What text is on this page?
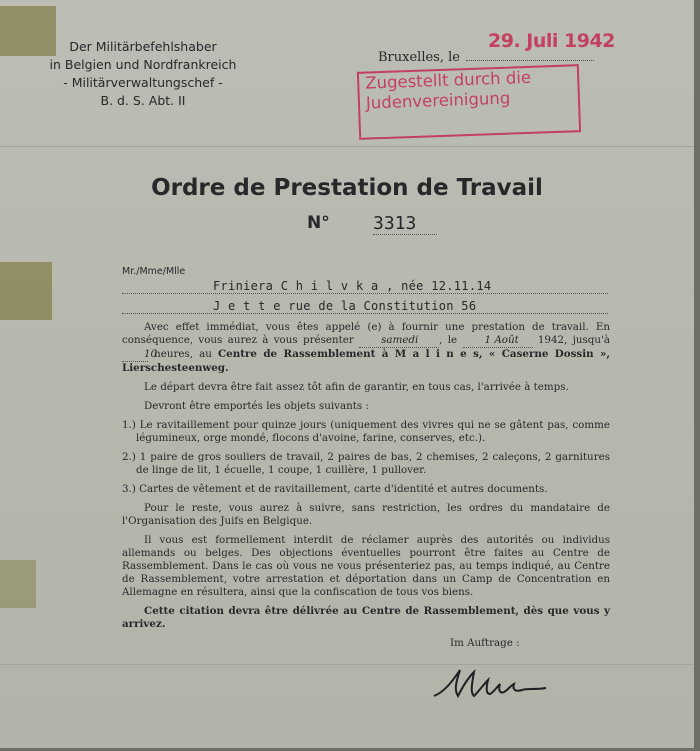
Der Militärbefehlshaber
in Belgien und Nordfrankreich
- Militärverwaltungschef -
B. d. S. Abt. II
Bruxelles, le
29. Juli 1942
Zugestellt durch die
Judenvereinigung
Ordre de Prestation de Travail
N° 3313
Mr./Mme/Mlle
Friniera C h i l v k a , née 12.11.14
J e t t e rue de la Constitution 56

Avec effet immédiat, vous êtes appelé (e) à fournir une prestation de travail. En conséquence, vous aurez à vous présenter	samedi , le	1 Août 1942, jusqu'à 10 heures, au Centre de Rassemblement à M a l i n e s, « Caserne Dossin », Lierschesteenweg.

Le départ devra être fait assez tôt afin de garantir, en tous cas, l'arrivée à temps.

Devront être emportés les objets suivants :

1.) Le ravitaillement pour quinze jours (uniquement des vivres qui ne se gâtent pas, comme légumineux, orge mondé, flocons d'avoine, farine, conserves, etc.).

2.) 1 paire de gros souliers de travail, 2 paires de bas, 2 chemises, 2 caleçons, 2 garnitures de linge de lit, 1 écuelle, 1 coupe, 1 cuillère, 1 pullover.

3.) Cartes de vêtement et de ravitaillement, carte d'identité et autres documents.

Pour le reste, vous aurez à suivre, sans restriction, les ordres du mandataire de l'Organisation des Juifs en Belgique.

Il vous est formellement interdit de réclamer auprès des autorités ou individus allemands ou belges. Des objections éventuelles pourront être faites au Centre de Rassemblement. Dans le cas où vous ne vous présenteriez pas, au temps indiqué, au Centre de Rassemblement, votre arrestation et déportation dans un Camp de Concentration en Allemagne en résultera, ainsi que la confiscation de tous vos biens.

Cette citation devra être délivrée au Centre de Rassemblement, dès que vous y arrivez.

Im Auftrage :
